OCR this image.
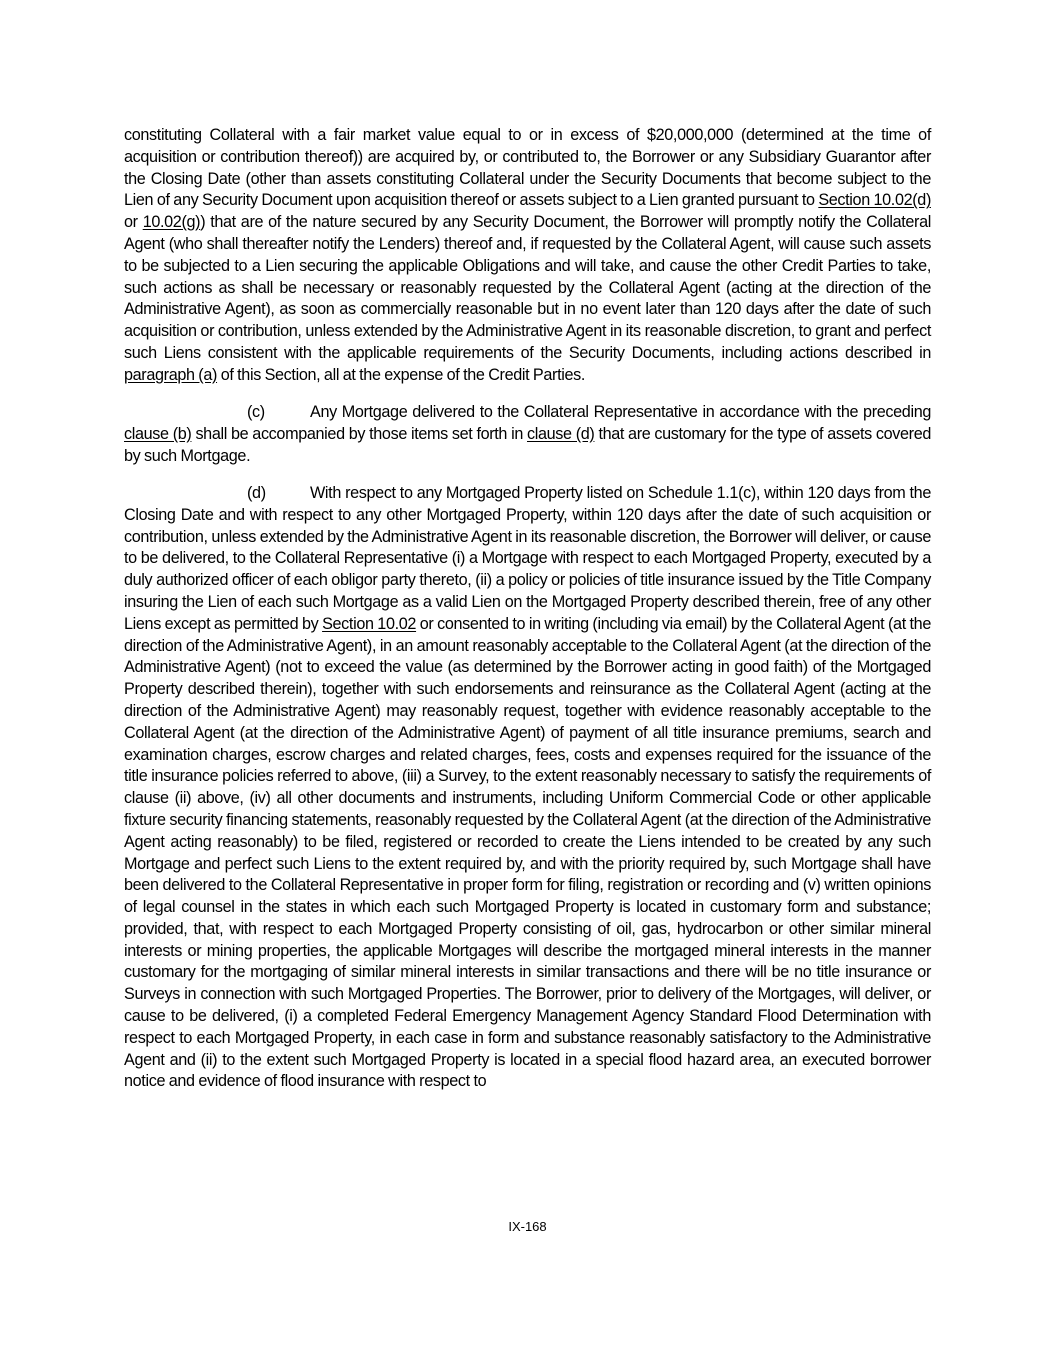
constituting Collateral with a fair market value equal to or in excess of $20,000,000 (determined at the time of acquisition or contribution thereof)) are acquired by, or contributed to, the Borrower or any Subsidiary Guarantor after the Closing Date (other than assets constituting Collateral under the Security Documents that become subject to the Lien of any Security Document upon acquisition thereof or assets subject to a Lien granted pursuant to Section 10.02(d) or 10.02(g)) that are of the nature secured by any Security Document, the Borrower will promptly notify the Collateral Agent (who shall thereafter notify the Lenders) thereof and, if requested by the Collateral Agent, will cause such assets to be subjected to a Lien securing the applicable Obligations and will take, and cause the other Credit Parties to take, such actions as shall be necessary or reasonably requested by the Collateral Agent (acting at the direction of the Administrative Agent), as soon as commercially reasonable but in no event later than 120 days after the date of such acquisition or contribution, unless extended by the Administrative Agent in its reasonable discretion, to grant and perfect such Liens consistent with the applicable requirements of the Security Documents, including actions described in paragraph (a) of this Section, all at the expense of the Credit Parties.

(c)	Any Mortgage delivered to the Collateral Representative in accordance with the preceding clause (b) shall be accompanied by those items set forth in clause (d) that are customary for the type of assets covered by such Mortgage.

(d)	With respect to any Mortgaged Property listed on Schedule 1.1(c), within 120 days from the Closing Date and with respect to any other Mortgaged Property, within 120 days after the date of such acquisition or contribution, unless extended by the Administrative Agent in its reasonable discretion, the Borrower will deliver, or cause to be delivered, to the Collateral Representative (i) a Mortgage with respect to each Mortgaged Property, executed by a duly authorized officer of each obligor party thereto, (ii) a policy or policies of title insurance issued by the Title Company insuring the Lien of each such Mortgage as a valid Lien on the Mortgaged Property described therein, free of any other Liens except as permitted by Section 10.02 or consented to in writing (including via email) by the Collateral Agent (at the direction of the Administrative Agent), in an amount reasonably acceptable to the Collateral Agent (at the direction of the Administrative Agent) (not to exceed the value (as determined by the Borrower acting in good faith) of the Mortgaged Property described therein), together with such endorsements and reinsurance as the Collateral Agent (acting at the direction of the Administrative Agent) may reasonably request, together with evidence reasonably acceptable to the Collateral Agent (at the direction of the Administrative Agent) of payment of all title insurance premiums, search and examination charges, escrow charges and related charges, fees, costs and expenses required for the issuance of the title insurance policies referred to above, (iii) a Survey, to the extent reasonably necessary to satisfy the requirements of clause (ii) above, (iv) all other documents and instruments, including Uniform Commercial Code or other applicable fixture security financing statements, reasonably requested by the Collateral Agent (at the direction of the Administrative Agent acting reasonably) to be filed, registered or recorded to create the Liens intended to be created by any such Mortgage and perfect such Liens to the extent required by, and with the priority required by, such Mortgage shall have been delivered to the Collateral Representative in proper form for filing, registration or recording and (v) written opinions of legal counsel in the states in which each such Mortgaged Property is located in customary form and substance; provided, that, with respect to each Mortgaged Property consisting of oil, gas, hydrocarbon or other similar mineral interests or mining properties, the applicable Mortgages will describe the mortgaged mineral interests in the manner customary for the mortgaging of similar mineral interests in similar transactions and there will be no title insurance or Surveys in connection with such Mortgaged Properties. The Borrower, prior to delivery of the Mortgages, will deliver, or cause to be delivered, (i) a completed Federal Emergency Management Agency Standard Flood Determination with respect to each Mortgaged Property, in each case in form and substance reasonably satisfactory to the Administrative Agent and (ii) to the extent such Mortgaged Property is located in a special flood hazard area, an executed borrower notice and evidence of flood insurance with respect to

IX-168
